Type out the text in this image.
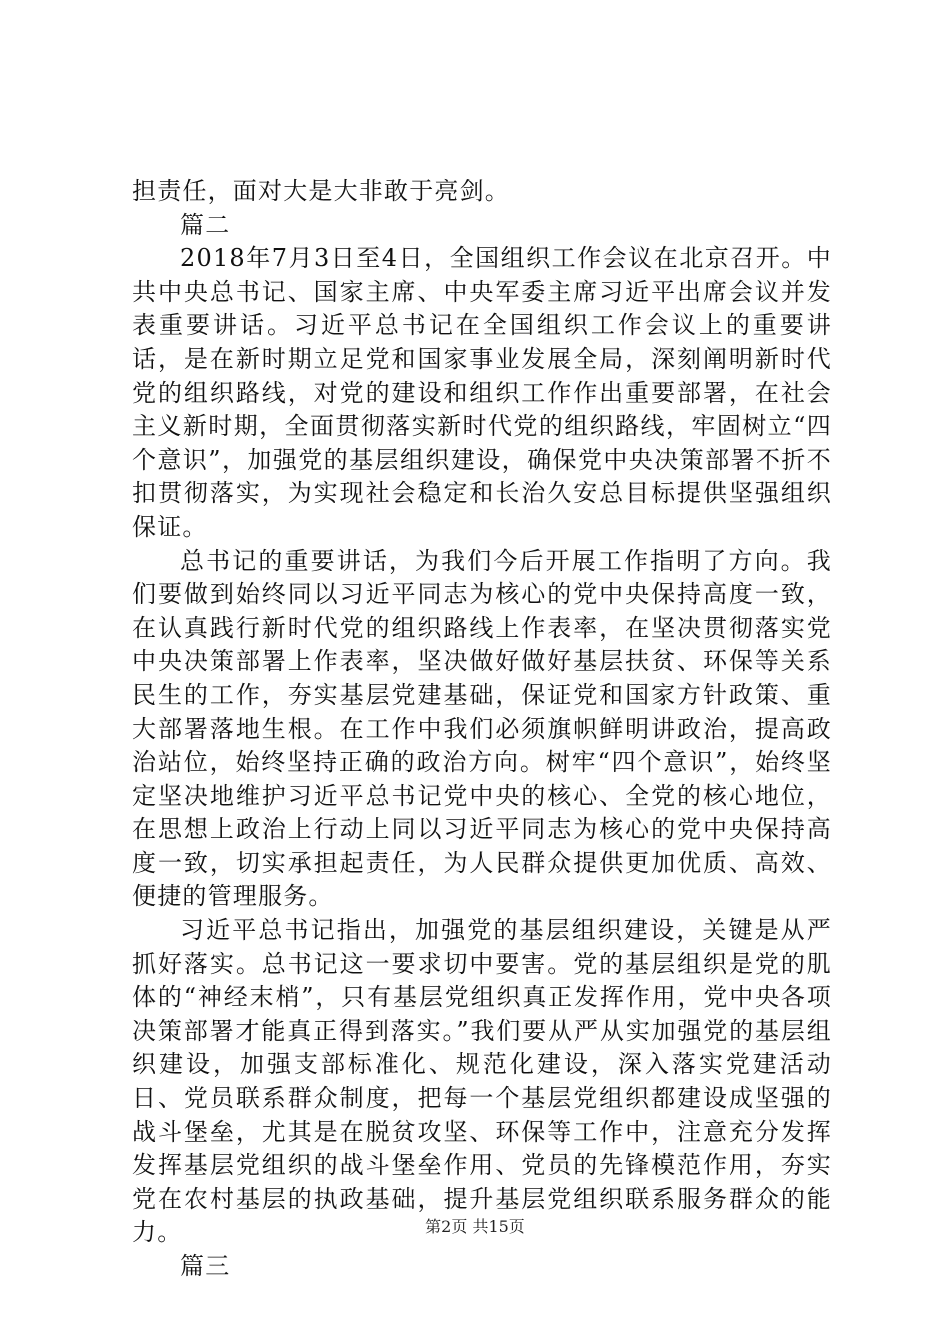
担责任，面对大是大非敢于亮剑。

篇二

2018年7月3日至4日，全国组织工作会议在北京召开。中共中央总书记、国家主席、中央军委主席习近平出席会议并发表重要讲话。习近平总书记在全国组织工作会议上的重要讲话，是在新时期立足党和国家事业发展全局，深刻阐明新时代党的组织路线，对党的建设和组织工作作出重要部署，在社会主义新时期，全面贯彻落实新时代党的组织路线，牢固树立“四个意识”，加强党的基层组织建设，确保党中央决策部署不折不扣贯彻落实，为实现社会稳定和长治久安总目标提供坚强组织保证。

总书记的重要讲话，为我们今后开展工作指明了方向。我们要做到始终同以习近平同志为核心的党中央保持高度一致，在认真践行新时代党的组织路线上作表率，在坚决贯彻落实党中央决策部署上作表率，坚决做好做好基层扶贫、环保等关系民生的工作，夯实基层党建基础，保证党和国家方针政策、重大部署落地生根。在工作中我们必须旗帜鲜明讲政治，提高政治站位，始终坚持正确的政治方向。树牢“四个意识”，始终坚定坚决地维护习近平总书记党中央的核心、全党的核心地位，在思想上政治上行动上同以习近平同志为核心的党中央保持高度一致，切实承担起责任，为人民群众提供更加优质、高效、便捷的管理服务。

习近平总书记指出，加强党的基层组织建设，关键是从严抓好落实。总书记这一要求切中要害。党的基层组织是党的肌体的“神经末梢”，只有基层党组织真正发挥作用，党中央各项决策部署才能真正得到落实。”我们要从严从实加强党的基层组织建设，加强支部标准化、规范化建设，深入落实党建活动日、党员联系群众制度，把每一个基层党组织都建设成坚强的战斗堡垒，尤其是在脱贫攻坚、环保等工作中，注意充分发挥发挥基层党组织的战斗堡垒作用、党员的先锋模范作用，夯实党在农村基层的执政基础，提升基层党组织联系服务群众的能力。

篇三

第2页 共15页
